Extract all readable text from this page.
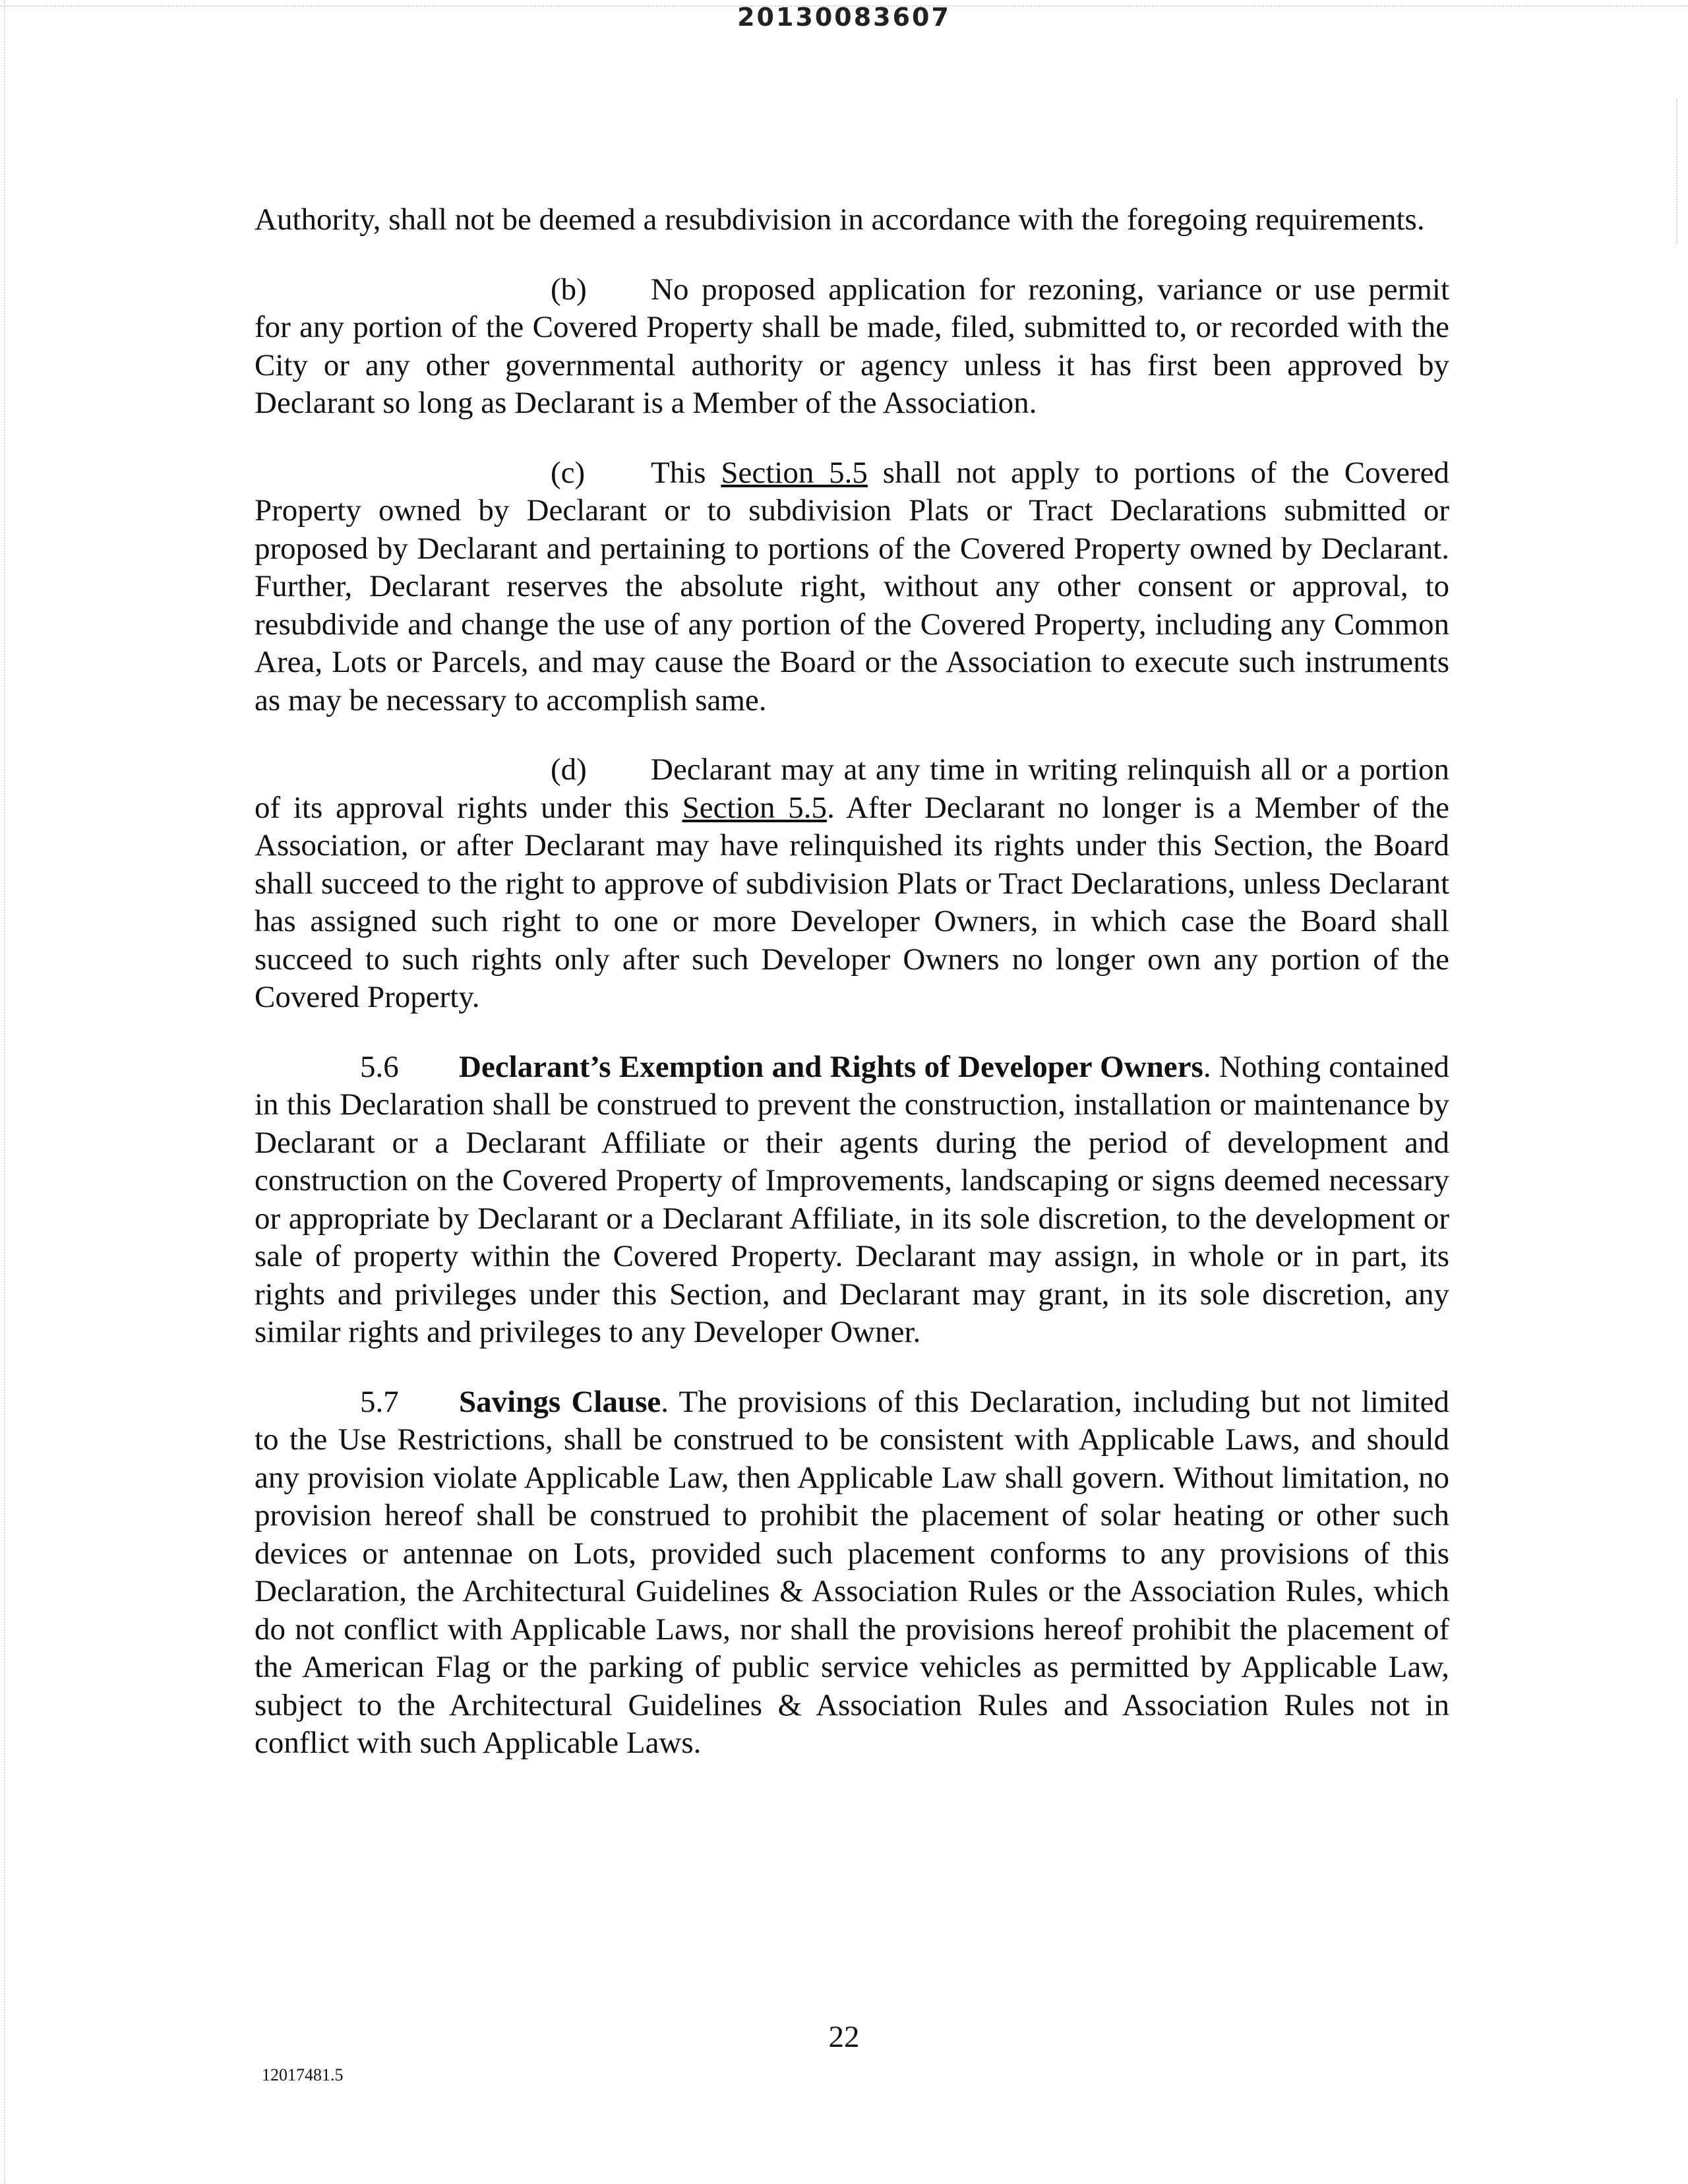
20130083607

Authority, shall not be deemed a resubdivision in accordance with the foregoing requirements.

(b) No proposed application for rezoning, variance or use permit for any portion of the Covered Property shall be made, filed, submitted to, or recorded with the City or any other governmental authority or agency unless it has first been approved by Declarant so long as Declarant is a Member of the Association.

(c) This Section 5.5 shall not apply to portions of the Covered Property owned by Declarant or to subdivision Plats or Tract Declarations submitted or proposed by Declarant and pertaining to portions of the Covered Property owned by Declarant. Further, Declarant reserves the absolute right, without any other consent or approval, to resubdivide and change the use of any portion of the Covered Property, including any Common Area, Lots or Parcels, and may cause the Board or the Association to execute such instruments as may be necessary to accomplish same.

(d) Declarant may at any time in writing relinquish all or a portion of its approval rights under this Section 5.5. After Declarant no longer is a Member of the Association, or after Declarant may have relinquished its rights under this Section, the Board shall succeed to the right to approve of subdivision Plats or Tract Declarations, unless Declarant has assigned such right to one or more Developer Owners, in which case the Board shall succeed to such rights only after such Developer Owners no longer own any portion of the Covered Property.

5.6 Declarant’s Exemption and Rights of Developer Owners. Nothing contained in this Declaration shall be construed to prevent the construction, installation or maintenance by Declarant or a Declarant Affiliate or their agents during the period of development and construction on the Covered Property of Improvements, landscaping or signs deemed necessary or appropriate by Declarant or a Declarant Affiliate, in its sole discretion, to the development or sale of property within the Covered Property. Declarant may assign, in whole or in part, its rights and privileges under this Section, and Declarant may grant, in its sole discretion, any similar rights and privileges to any Developer Owner.

5.7 Savings Clause. The provisions of this Declaration, including but not limited to the Use Restrictions, shall be construed to be consistent with Applicable Laws, and should any provision violate Applicable Law, then Applicable Law shall govern. Without limitation, no provision hereof shall be construed to prohibit the placement of solar heating or other such devices or antennae on Lots, provided such placement conforms to any provisions of this Declaration, the Architectural Guidelines & Association Rules or the Association Rules, which do not conflict with Applicable Laws, nor shall the provisions hereof prohibit the placement of the American Flag or the parking of public service vehicles as permitted by Applicable Law, subject to the Architectural Guidelines & Association Rules and Association Rules not in conflict with such Applicable Laws.

22
12017481.5
